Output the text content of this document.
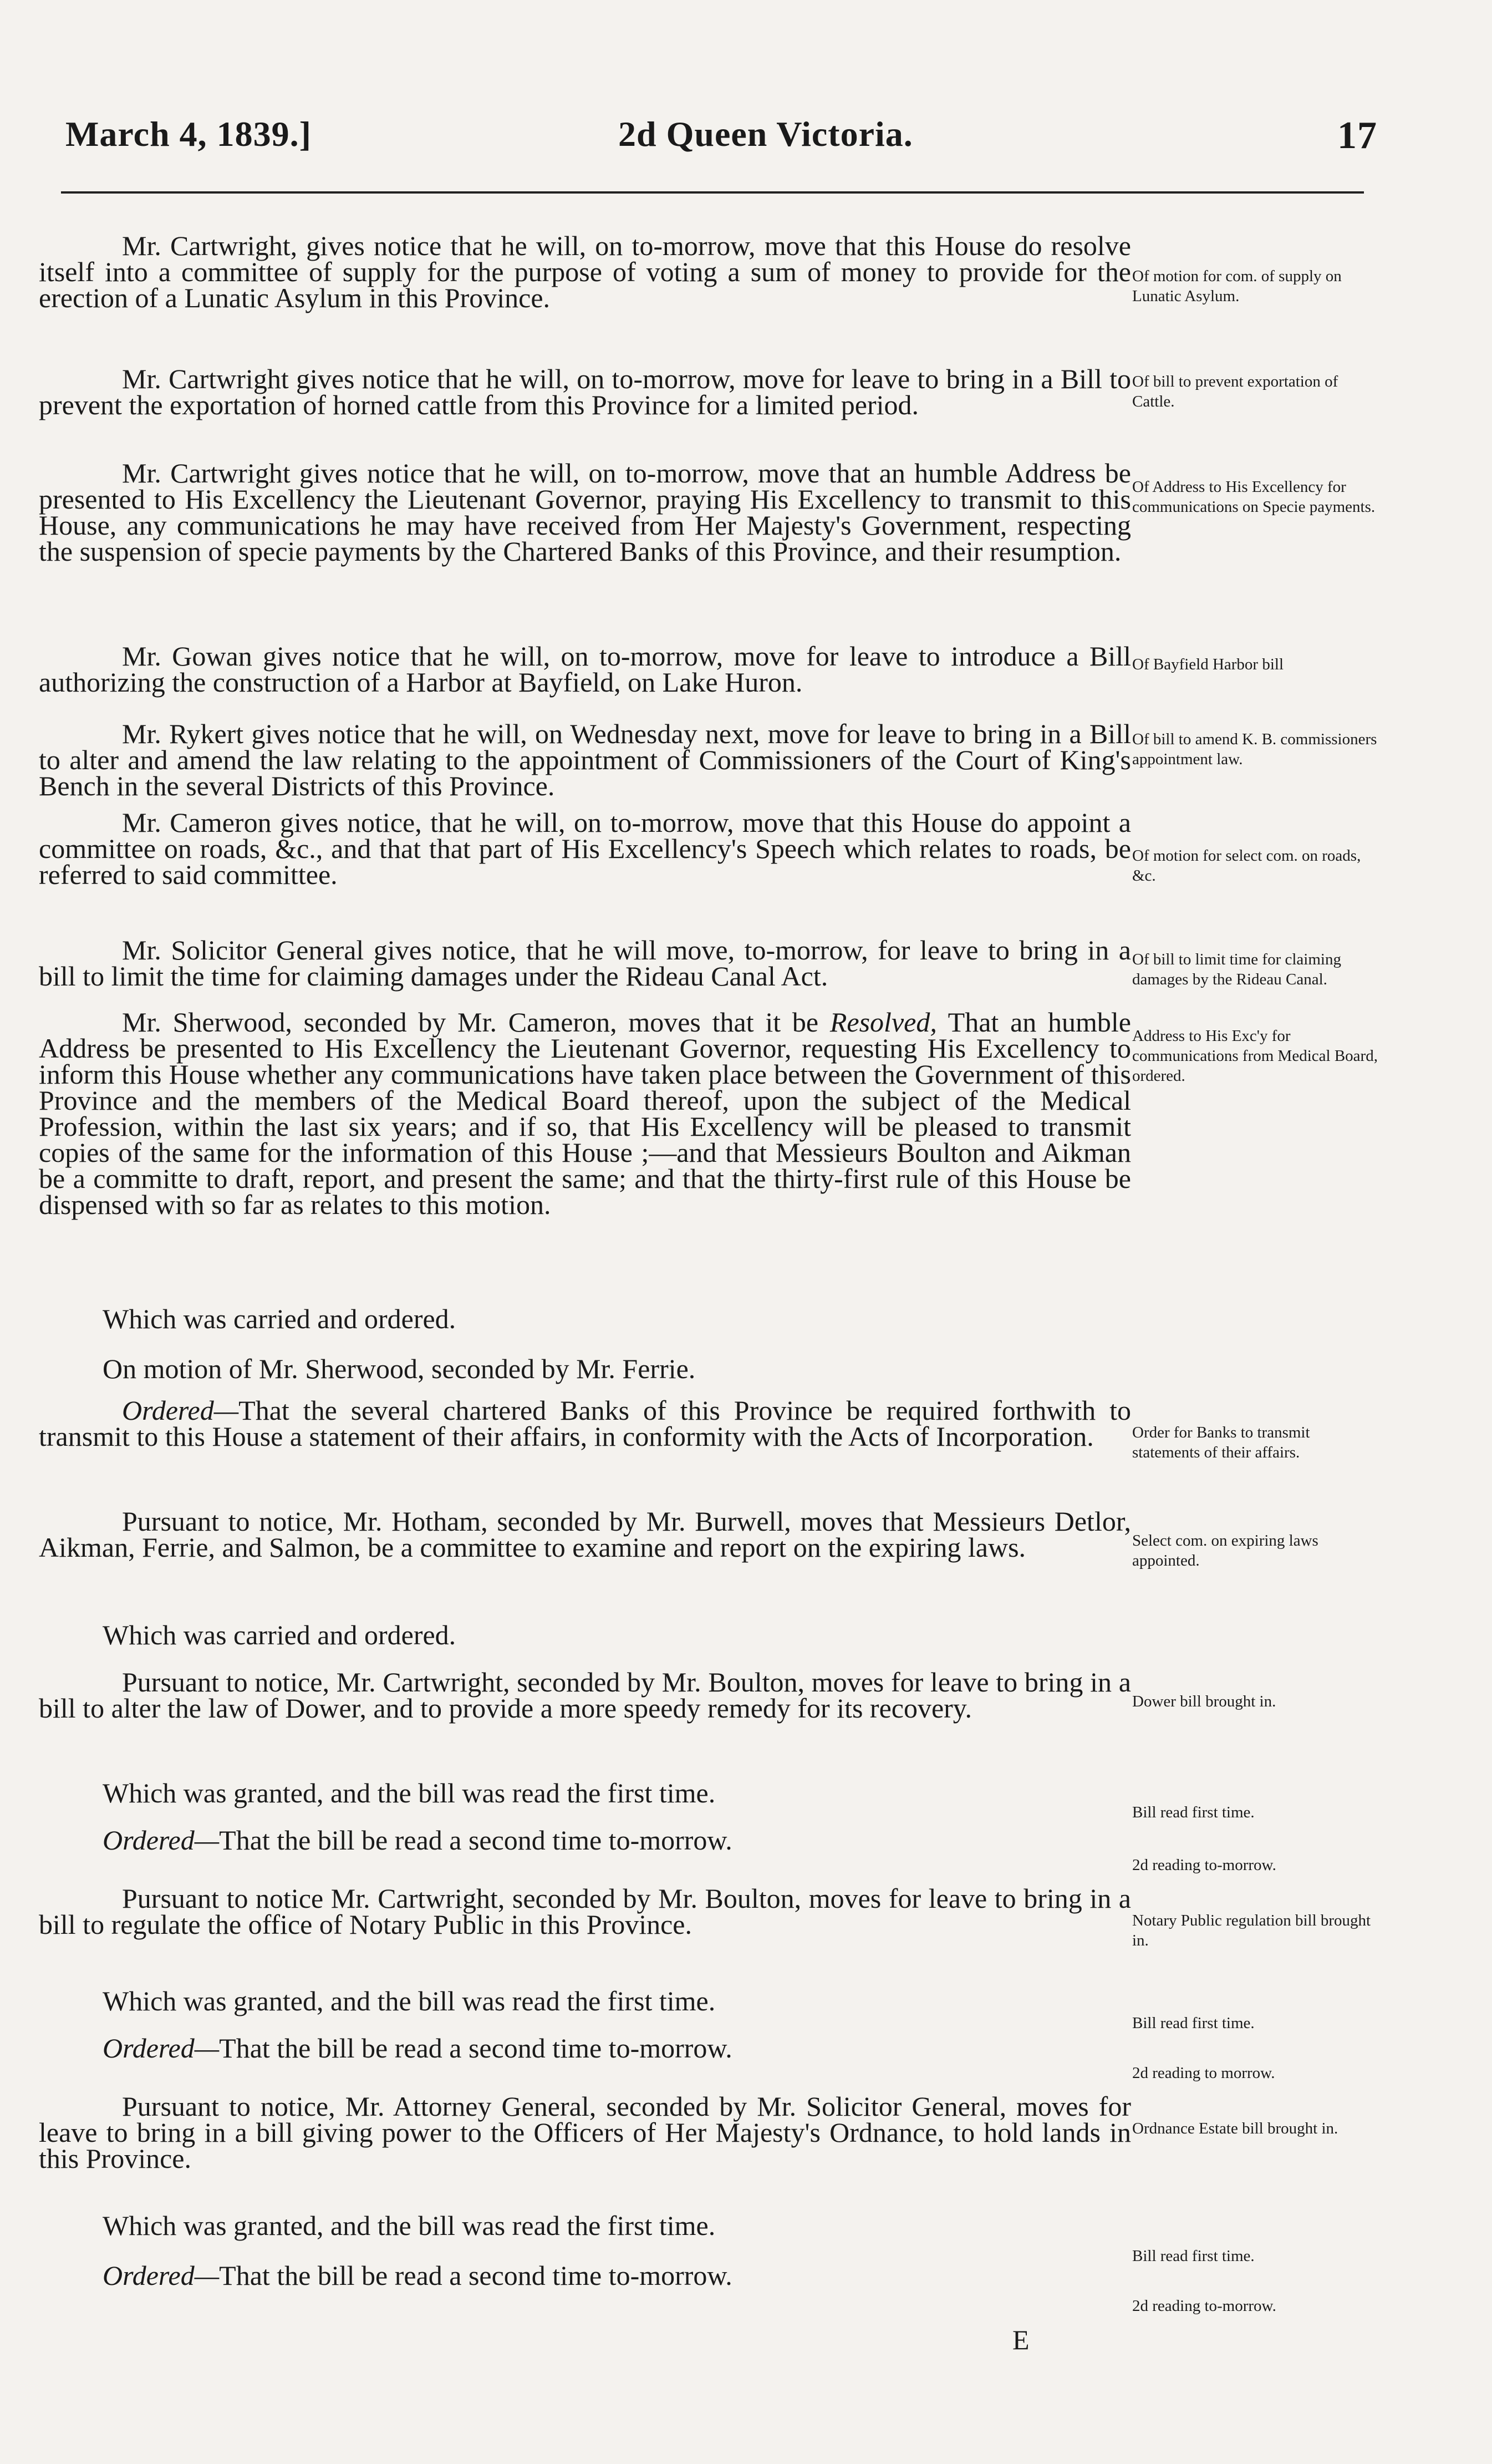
March 4, 1839.]	2d Queen Victoria.	17

Mr. Cartwright, gives notice that he will, on to-morrow, move that this House do resolve itself into a committee of supply for the purpose of voting a sum of money to provide for the erection of a Lunatic Asylum in this Province.

Of motion for com. of supply on Lunatic Asylum.

Mr. Cartwright gives notice that he will, on to-morrow, move for leave to bring in a Bill to prevent the exportation of horned cattle from this Province for a limited period.

Of bill to prevent exportation of Cattle.

Mr. Cartwright gives notice that he will, on to-morrow, move that an humble Address be presented to His Excellency the Lieutenant Governor, praying His Excellency to transmit to this House, any communications he may have received from Her Majesty's Government, respecting the suspension of specie payments by the Chartered Banks of this Province, and their resumption.

Of Address to His Excellency for communications on Specie payments.

Mr. Gowan gives notice that he will, on to-morrow, move for leave to introduce a Bill authorizing the construction of a Harbor at Bayfield, on Lake Huron.

Of Bayfield Harbor bill

Mr. Rykert gives notice that he will, on Wednesday next, move for leave to bring in a Bill to alter and amend the law relating to the appointment of Commissioners of the Court of King's Bench in the several Districts of this Province.

Of bill to amend K. B. commissioners appointment law.

Mr. Cameron gives notice, that he will, on to-morrow, move that this House do appoint a committee on roads, &c., and that that part of His Excellency's Speech which relates to roads, be referred to said committee.

Of motion for select com. on roads, &c.

Mr. Solicitor General gives notice, that he will move, to-morrow, for leave to bring in a bill to limit the time for claiming damages under the Rideau Canal Act.

Of bill to limit time for claiming damages by the Rideau Canal.

Mr. Sherwood, seconded by Mr. Cameron, moves that it be Resolved, That an humble Address be presented to His Excellency the Lieutenant Governor, requesting His Excellency to inform this House whether any communications have taken place between the Government of this Province and the members of the Medical Board thereof, upon the subject of the Medical Profession, within the last six years; and if so, that His Excellency will be pleased to transmit copies of the same for the information of this House ;—and that Messieurs Boulton and Aikman be a committe to draft, report, and present the same; and that the thirty-first rule of this House be dispensed with so far as relates to this motion.

Address to His Exc'y for communications from Medical Board, ordered.

Which was carried and ordered.

On motion of Mr. Sherwood, seconded by Mr. Ferrie.

Ordered—That the several chartered Banks of this Province be required forthwith to transmit to this House a statement of their affairs, in conformity with the Acts of Incorporation.	Order for Banks to transmit statements of their affairs.

Pursuant to notice, Mr. Hotham, seconded by Mr. Burwell, moves that Messieurs Detlor, Aikman, Ferrie, and Salmon, be a committee to examine and report on the expiring laws.	Select com. on expiring laws appointed.

Which was carried and ordered.

Pursuant to notice, Mr. Cartwright, seconded by Mr. Boulton, moves for leave to bring in a bill to alter the law of Dower, and to provide a more speedy remedy for its recovery.	Dower bill brought in.

Which was granted, and the bill was read the first time.

Bill read first time.

Ordered—That the bill be read a second time to-morrow.

2d reading to-morrow.

Pursuant to notice Mr. Cartwright, seconded by Mr. Boulton, moves for leave to bring in a bill to regulate the office of Notary Public in this Province.	Notary Public regulation bill brought in.

Which was granted, and the bill was read the first time.

Bill read first time.

Ordered—That the bill be read a second time to-morrow.

2d reading to morrow.

Pursuant to notice, Mr. Attorney General, seconded by Mr. Solicitor General, moves for leave to bring in a bill giving power to the Officers of Her Majesty's Ordnance, to hold lands in this Province.

Ordnance Estate bill brought in.

Which was granted, and the bill was read the first time.

Bill read first time.

Ordered—That the bill be read a second time to-morrow.

2d reading to-morrow.
E
